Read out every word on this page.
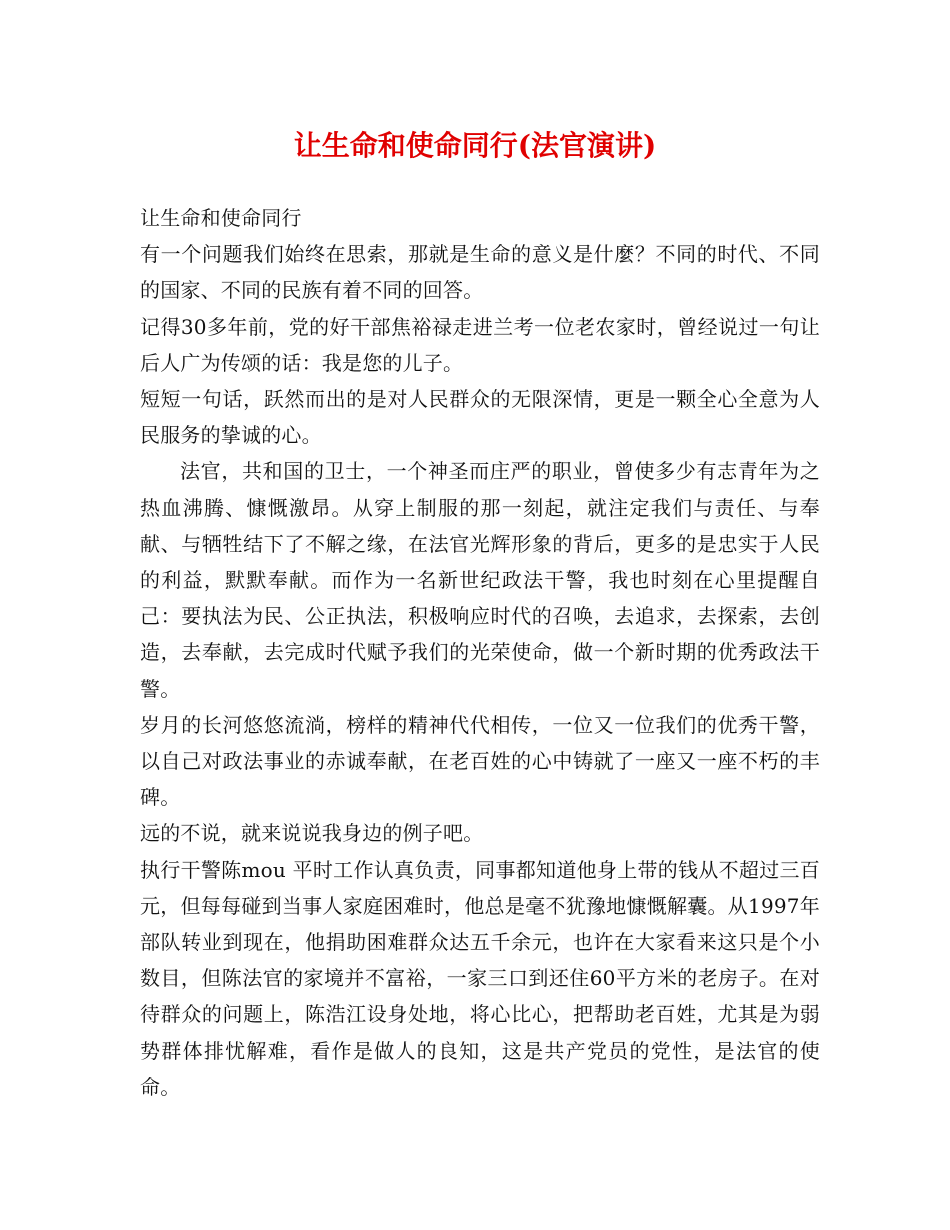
让生命和使命同行(法官演讲)

让生命和使命同行

有一个问题我们始终在思索，那就是生命的意义是什麼？不同的时代、不同的国家、不同的民族有着不同的回答。

记得30多年前，党的好干部焦裕禄走进兰考一位老农家时，曾经说过一句让后人广为传颂的话：我是您的儿子。

短短一句话，跃然而出的是对人民群众的无限深情，更是一颗全心全意为人民服务的挚诚的心。

法官，共和国的卫士，一个神圣而庄严的职业，曾使多少有志青年为之热血沸腾、慷慨激昂。从穿上制服的那一刻起，就注定我们与责任、与奉献、与牺牲结下了不解之缘，在法官光辉形象的背后，更多的是忠实于人民的利益，默默奉献。而作为一名新世纪政法干警，我也时刻在心里提醒自己：要执法为民、公正执法，积极响应时代的召唤，去追求，去探索，去创造，去奉献，去完成时代赋予我们的光荣使命，做一个新时期的优秀政法干警。

岁月的长河悠悠流淌，榜样的精神代代相传，一位又一位我们的优秀干警，以自己对政法事业的赤诚奉献，在老百姓的心中铸就了一座又一座不朽的丰碑。

远的不说，就来说说我身边的例子吧。

执行干警陈mou 平时工作认真负责，同事都知道他身上带的钱从不超过三百元，但每每碰到当事人家庭困难时，他总是毫不犹豫地慷慨解囊。从1997年部队转业到现在，他捐助困难群众达五千余元，也许在大家看来这只是个小数目，但陈法官的家境并不富裕，一家三口到还住60平方米的老房子。在对待群众的问题上，陈浩江设身处地，将心比心，把帮助老百姓，尤其是为弱势群体排忧解难，看作是做人的良知，这是共产党员的党性，是法官的使命。
